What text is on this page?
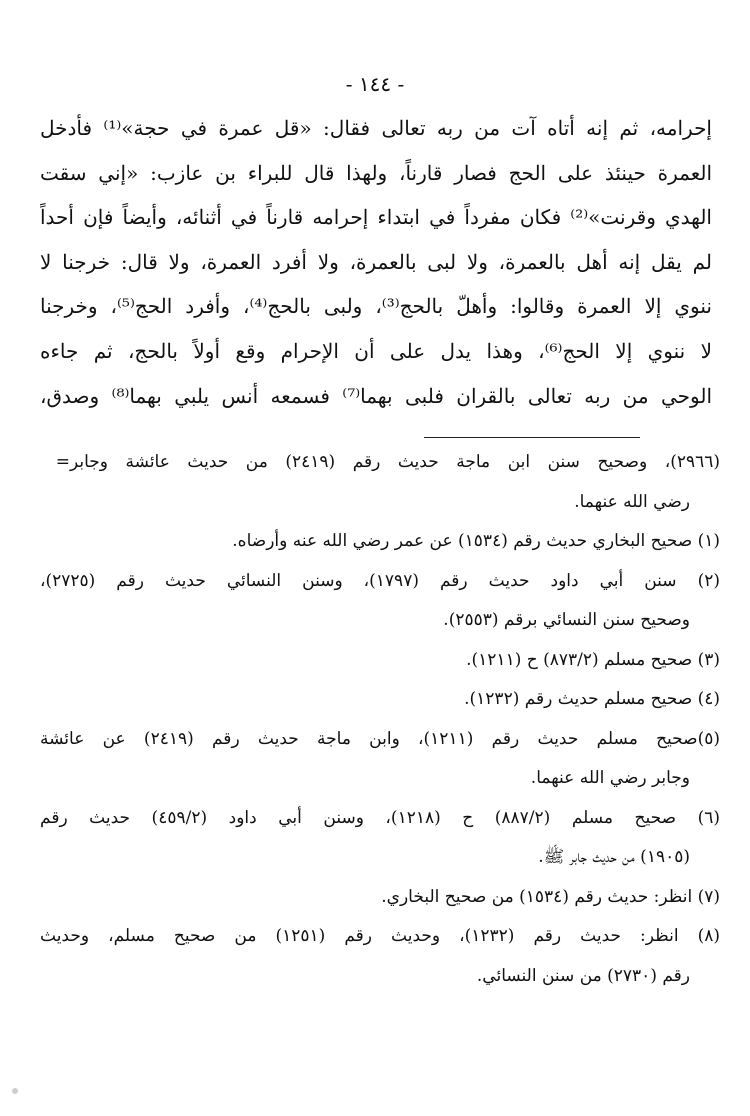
- ١٤٤ -
إحرامه، ثم إنه أتاه آت من ربه تعالى فقال: «قل عمرة في حجة»⁽¹⁾ فأدخل
العمرة حينئذ على الحج فصار قارناً، ولهذا قال للبراء بن عازب: «إني سقت
الهدي وقرنت»⁽²⁾ فكان مفرداً في ابتداء إحرامه قارناً في أثنائه، وأيضاً فإن أحداً
لم يقل إنه أهل بالعمرة، ولا لبى بالعمرة، ولا أفرد العمرة، ولا قال: خرجنا لا
ننوي إلا العمرة وقالوا: وأهلّ بالحج⁽³⁾، ولبى بالحج⁽⁴⁾، وأفرد الحج⁽⁵⁾، وخرجنا
لا ننوي إلا الحج⁽⁶⁾، وهذا يدل على أن الإحرام وقع أولاً بالحج، ثم جاءه
الوحي من ربه تعالى بالقران فلبى بهما⁽⁷⁾ فسمعه أنس يلبي بهما⁽⁸⁾ وصدق،
(٢٩٦٦)، وصحيح سنن ابن ماجة حديث رقم (٢٤١٩) من حديث عائشة وجابر=
رضي الله عنهما.
(١) صحيح البخاري حديث رقم (١٥٣٤) عن عمر رضي الله عنه وأرضاه.
(٢) سنن أبي داود حديث رقم (١٧٩٧)، وسنن النسائي حديث رقم (٢٧٢٥)،
وصحيح سنن النسائي برقم (٢٥٥٣).
(٣) صحيح مسلم (٨٧٣/٢) ح (١٢١١).
(٤) صحيح مسلم حديث رقم (١٢٣٢).
(٥)صحيح مسلم حديث رقم (١٢١١)، وابن ماجة حديث رقم (٢٤١٩) عن عائشة
وجابر رضي الله عنهما.
(٦) صحيح مسلم (٨٨٧/٢) ح (١٢١٨)، وسنن أبي داود (٤٥٩/٢) حديث رقم
(١٩٠٥) من حديث جابر ﷺ.
(٧) انظر: حديث رقم (١٥٣٤) من صحيح البخاري.
(٨) انظر: حديث رقم (١٢٣٢)، وحديث رقم (١٢٥١) من صحيح مسلم، وحديث
رقم (٢٧٣٠) من سنن النسائي.
